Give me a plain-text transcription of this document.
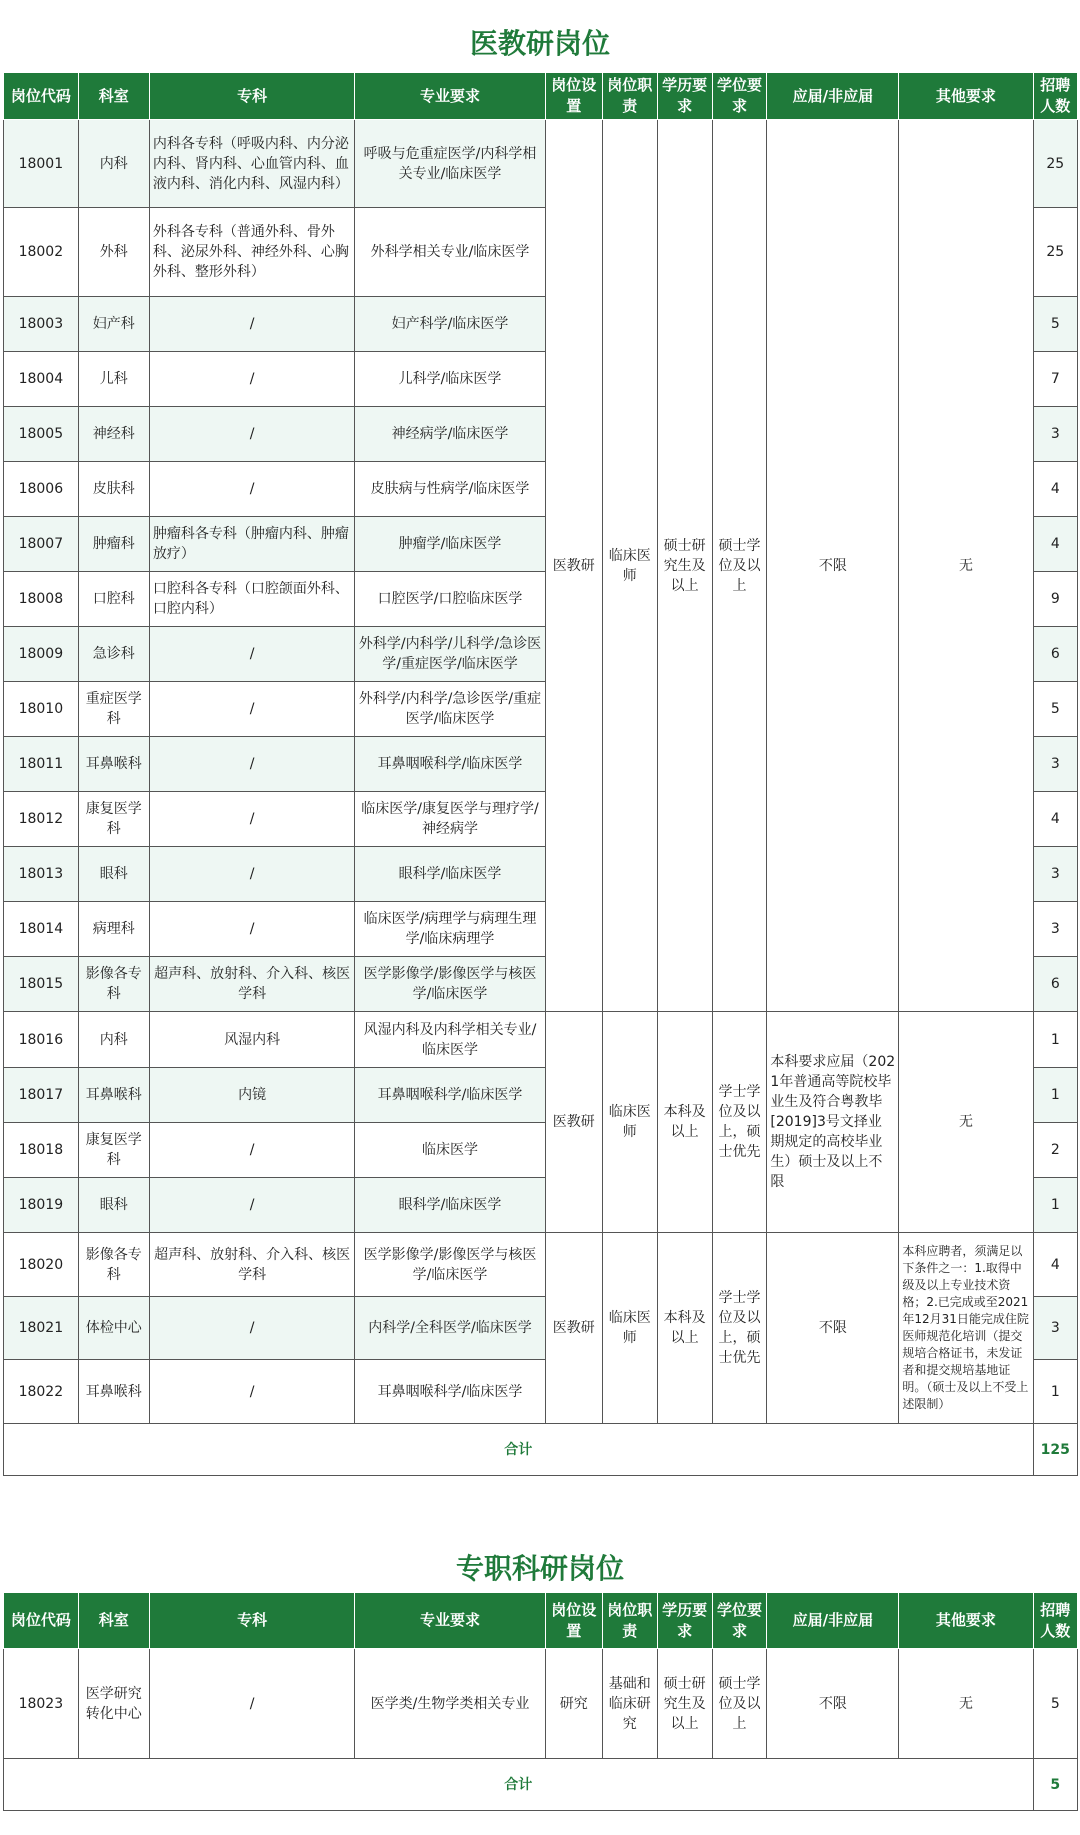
医教研岗位
岗位代码	科室	专科	专业要求	岗位设置	岗位职责	学历要求	学位要求	应届/非应届	其他要求	招聘人数
18001	内科	内科各专科（呼吸内科、内分泌内科、肾内科、心血管内科、血液内科、消化内科、风湿内科）	呼吸与危重症医学/内科学相关专业/临床医学	医教研	临床医师	硕士研究生及以上	硕士学位及以上	不限	无	25
18002	外科	外科各专科（普通外科、骨外科、泌尿外科、神经外科、心胸外科、整形外科）	外科学相关专业/临床医学							25
18003	妇产科	/	妇产科学/临床医学							5
18004	儿科	/	儿科学/临床医学							7
18005	神经科	/	神经病学/临床医学							3
18006	皮肤科	/	皮肤病与性病学/临床医学							4
18007	肿瘤科	肿瘤科各专科（肿瘤内科、肿瘤放疗）	肿瘤学/临床医学							4
18008	口腔科	口腔科各专科（口腔颌面外科、口腔内科）	口腔医学/口腔临床医学							9
18009	急诊科	/	外科学/内科学/儿科学/急诊医学/重症医学/临床医学							6
18010	重症医学科	/	外科学/内科学/急诊医学/重症医学/临床医学							5
18011	耳鼻喉科	/	耳鼻咽喉科学/临床医学							3
18012	康复医学科	/	临床医学/康复医学与理疗学/神经病学							4
18013	眼科	/	眼科学/临床医学							3
18014	病理科	/	临床医学/病理学与病理生理学/临床病理学							3
18015	影像各专科	超声科、放射科、介入科、核医学科	医学影像学/影像医学与核医学/临床医学							6
18016	内科	风湿内科	风湿内科及内科学相关专业/临床医学	医教研	临床医师	本科及以上	学士学位及以上，硕士优先	本科要求应届（2021年普通高等院校毕业生及符合粤教毕[2019]3号文择业期规定的高校毕业生）硕士及以上不限	无	1
18017	耳鼻喉科	内镜	耳鼻咽喉科学/临床医学							1
18018	康复医学科	/	临床医学							2
18019	眼科	/	眼科学/临床医学							1
18020	影像各专科	超声科、放射科、介入科、核医学科	医学影像学/影像医学与核医学/临床医学	医教研	临床医师	本科及以上	学士学位及以上，硕士优先	不限	本科应聘者，须满足以下条件之一：1.取得中级及以上专业技术资格；2.已完成或至2021年12月31日能完成住院医师规范化培训（提交规培合格证书，未发证者和提交规培基地证明。（硕士及以上不受上述限制）	4
18021	体检中心	/	内科学/全科医学/临床医学							3
18022	耳鼻喉科	/	耳鼻咽喉科学/临床医学							1
合计										125
专职科研岗位
岗位代码	科室	专科	专业要求	岗位设置	岗位职责	学历要求	学位要求	应届/非应届	其他要求	招聘人数
18023	医学研究转化中心	/	医学类/生物学类相关专业	研究	基础和临床研究	硕士研究生及以上	硕士学位及以上	不限	无	5
合计										5
